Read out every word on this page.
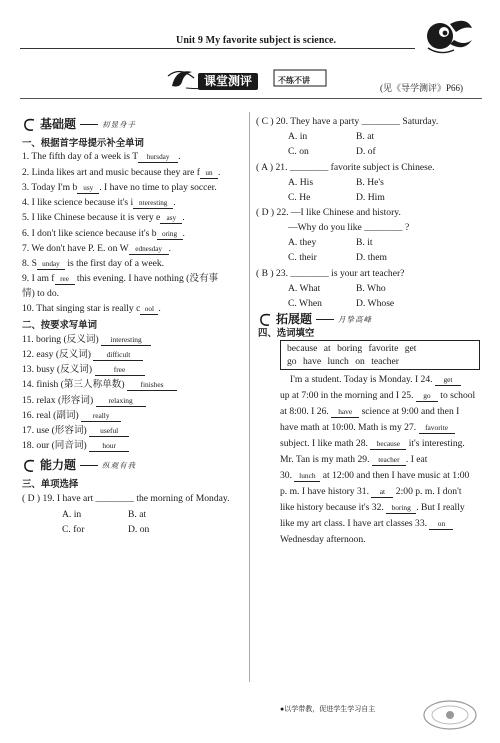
Unit 9 My favorite subject is science.
课堂测评	不练不讲
(见《导学测评》P66)
基础题	初显身手
一、根据首字母提示补全单词
1. The fifth day of a week is T hursday .
2. Linda likes art and music because they are f un .
3. Today I'm b usy . I have no time to play soccer.
4. I like science because it's i nteresting .
5. I like Chinese because it is very e asy .
6. I don't like science because it's b oring .
7. We don't have P. E. on W ednesday .
8. S unday is the first day of a week.
9. I am f ree this evening. I have nothing (没有事
情) to do.
10. That singing star is really c ool .
二、按要求写单词
11. boring (反义词) interesting
12. easy (反义词) difficult
13. busy (反义词)	free
14. finish (第三人称单数) finishes
15. relax (形容词) relaxing
16. real (副词) really
17. use (形容词) useful
18. our (同音词) hour
能力题	纵观有我
三、单项选择
( D ) 19. I have art ________ the morning of Monday.
A. in	B. at
C. for	D. on
( C ) 20. They have a party ________ Saturday.
A. in	B. at
C. on	D. of
( A ) 21. ________ favorite subject is Chinese.
A. His	B. He's
C. He	D. Him
( D ) 22. —I like Chinese and history.
—Why do you like ________ ?
A. they	B. it
C. their	D. them
( B ) 23. ________ is your art teacher?
A. What	B. Who
C. When	D. Whose
拓展题	月挚高峰
四、选词填空
because at boring favorite get
go have lunch on teacher
I'm a student. Today is Monday. I 24. get
up at 7:00 in the morning and I 25. go to school
at 8:00. I 26. have science at 9:00 and then I
have math at 10:00. Math is my 27. favorite
subject. I like math 28. because it's interesting.
Mr. Tan is my math 29. teacher . I eat
30. lunch at 12:00 and then I have music at 1:00
p. m. I have history 31. at 2:00 p. m. I don't
like history because it's 32. boring . But I really
like my art class. I have art classes 33. on
Wednesday afternoon.
●以学带教，促进学生学习自主
